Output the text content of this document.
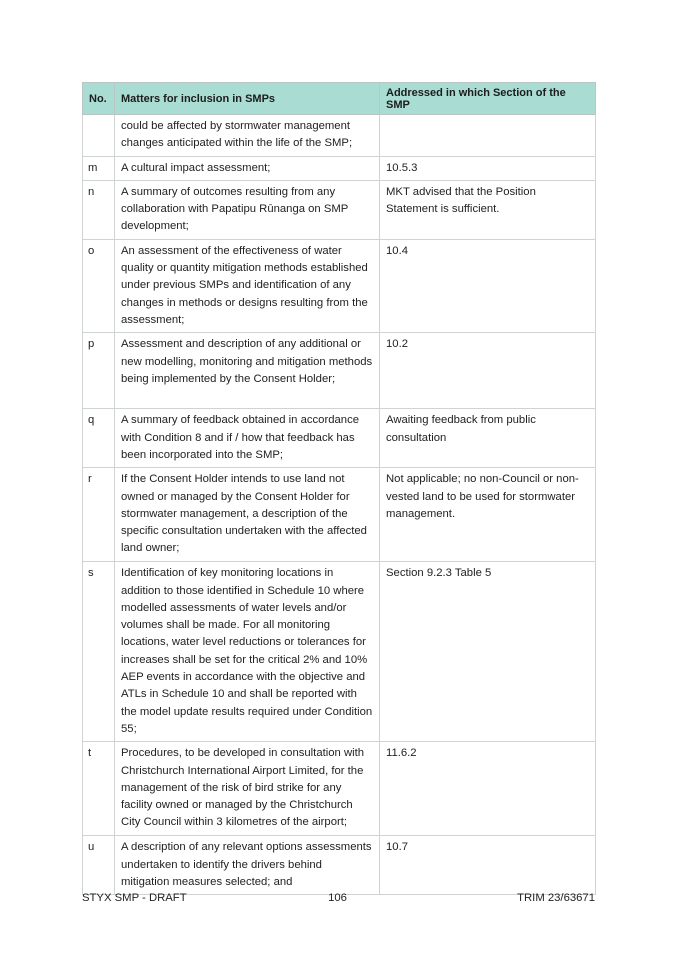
No.	Matters for inclusion in SMPs	Addressed in which Section of the SMP
	could be affected by stormwater management changes anticipated within the life of the SMP;	
m	A cultural impact assessment;	10.5.3
n	A summary of outcomes resulting from any collaboration with Papatipu Rūnanga on SMP development;	MKT advised that the Position Statement is sufficient.
o	An assessment of the effectiveness of water quality or quantity mitigation methods established under previous SMPs and identification of any changes in methods or designs resulting from the assessment;	10.4
p	Assessment and description of any additional or new modelling, monitoring and mitigation methods being implemented by the Consent Holder;	10.2
q	A summary of feedback obtained in accordance with Condition 8 and if / how that feedback has been incorporated into the SMP;	Awaiting feedback from public consultation
r	If the Consent Holder intends to use land not owned or managed by the Consent Holder for stormwater management, a description of the specific consultation undertaken with the affected land owner;	Not applicable; no non-Council or non-vested land to be used for stormwater management.
s	Identification of key monitoring locations in addition to those identified in Schedule 10 where modelled assessments of water levels and/or volumes shall be made. For all monitoring locations, water level reductions or tolerances for increases shall be set for the critical 2% and 10% AEP events in accordance with the objective and ATLs in Schedule 10 and shall be reported with the model update results required under Condition 55;	Section 9.2.3 Table 5
t	Procedures, to be developed in consultation with Christchurch International Airport Limited, for the management of the risk of bird strike for any facility owned or managed by the Christchurch City Council within 3 kilometres of the airport;	11.6.2
u	A description of any relevant options assessments undertaken to identify the drivers behind mitigation measures selected; and	10.7
STYX SMP - DRAFT	106	TRIM 23/63671
